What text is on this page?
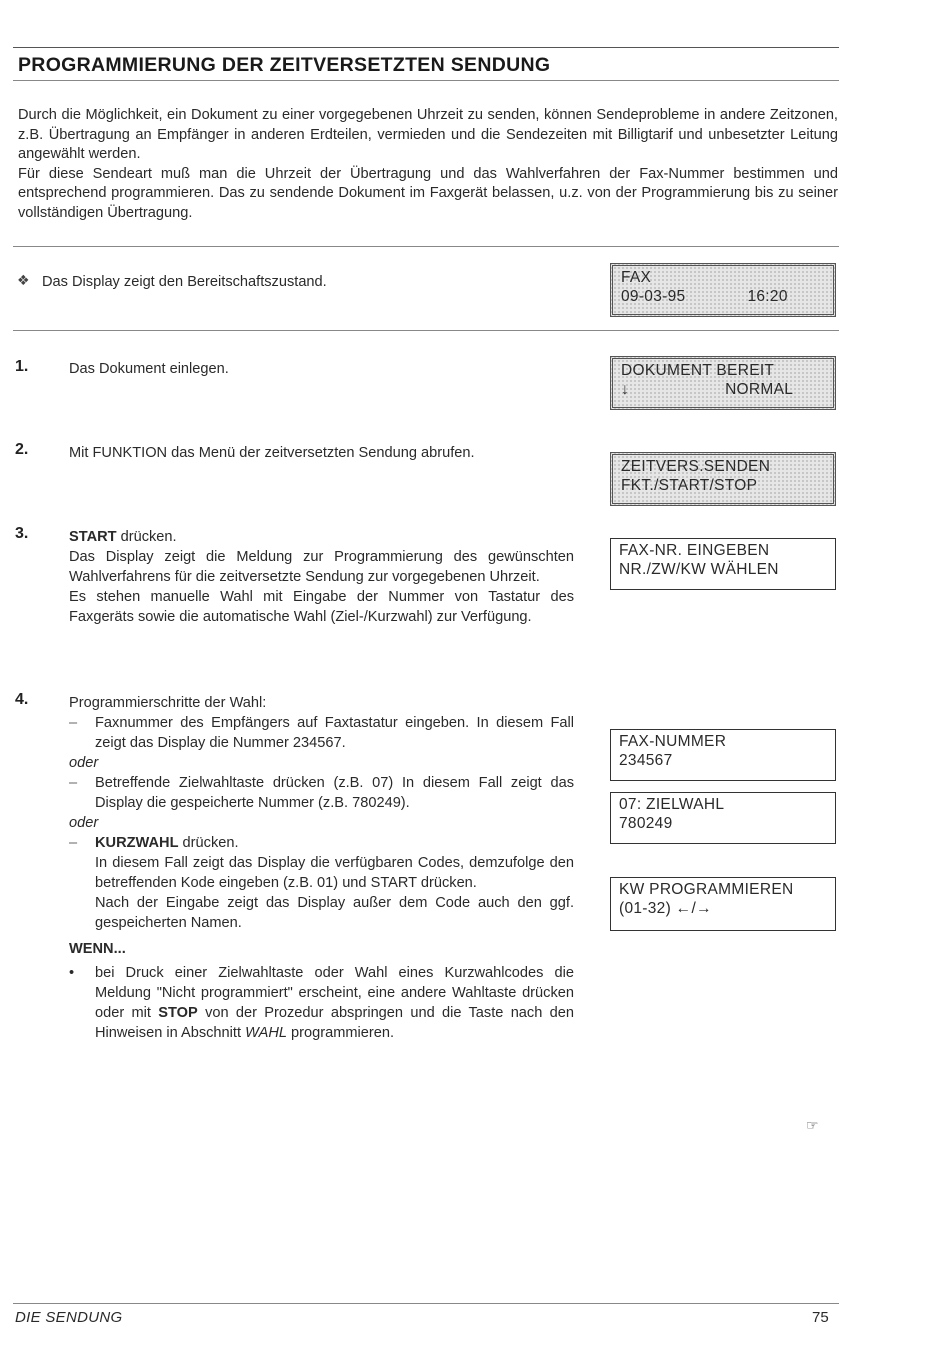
PROGRAMMIERUNG DER ZEITVERSETZTEN SENDUNG

Durch die Möglichkeit, ein Dokument zu einer vorgegebenen Uhrzeit zu senden, können Sendeprobleme in andere Zeitzonen, z.B. Übertragung an Empfänger in anderen Erdteilen, vermieden und die Sendezeiten mit Billigtarif und unbesetzter Leitung angewählt werden.

Für diese Sendeart muß man die Uhrzeit der Übertragung und das Wahlverfahren der Fax-Nummer bestimmen und entsprechend programmieren. Das zu sendende Dokument im Faxgerät belassen, u.z. von der Programmierung bis zu seiner vollständigen Übertragung.

❖ Das Display zeigt den Bereitschaftszustand.	FAX
09-03-95	16:20
1.	Das Dokument einlegen.	DOKUMENT BEREIT
↓	NORMAL
2.	Mit FUNKTION das Menü der zeitversetzten Sendung abrufen.
ZEITVERS.SENDEN
FKT./START/STOP
3.	START drücken.

Das Display zeigt die Meldung zur Programmierung des gewünschten Wahlverfahrens für die zeitversetzte Sendung zur vorgegebenen Uhrzeit.

Es stehen manuelle Wahl mit Eingabe der Nummer von Tastatur des Faxgeräts sowie die automatische Wahl (Ziel-/Kurzwahl) zur Verfügung.

FAX-NR. EINGEBEN
NR./ZW/KW WÄHLEN
4.	Programmierschritte der Wahl:
– Faxnummer des Empfängers auf Faxtastatur eingeben. In diesem Fall zeigt das Display die Nummer 234567.
oder
– Betreffende Zielwahltaste drücken (z.B. 07) In diesem Fall zeigt das Display die gespeicherte Nummer (z.B. 780249).
oder
– KURZWAHL drücken.
In diesem Fall zeigt das Display die verfügbaren Codes, demzufolge den betreffenden Kode eingeben (z.B. 01) und START drücken.
Nach der Eingabe zeigt das Display außer dem Code auch den ggf. gespeicherten Namen.
WENN...
• bei Druck einer Zielwahltaste oder Wahl eines Kurzwahlcodes die Meldung "Nicht programmiert" erscheint, eine andere Wahltaste drücken oder mit STOP von der Prozedur abspringen und die Taste nach den Hinweisen in Abschnitt WAHL programmieren.
FAX-NUMMER
234567
07: ZIELWAHL
780249
KW PROGRAMMIEREN
(01-32) ←/→
☞
DIE SENDUNG	75
